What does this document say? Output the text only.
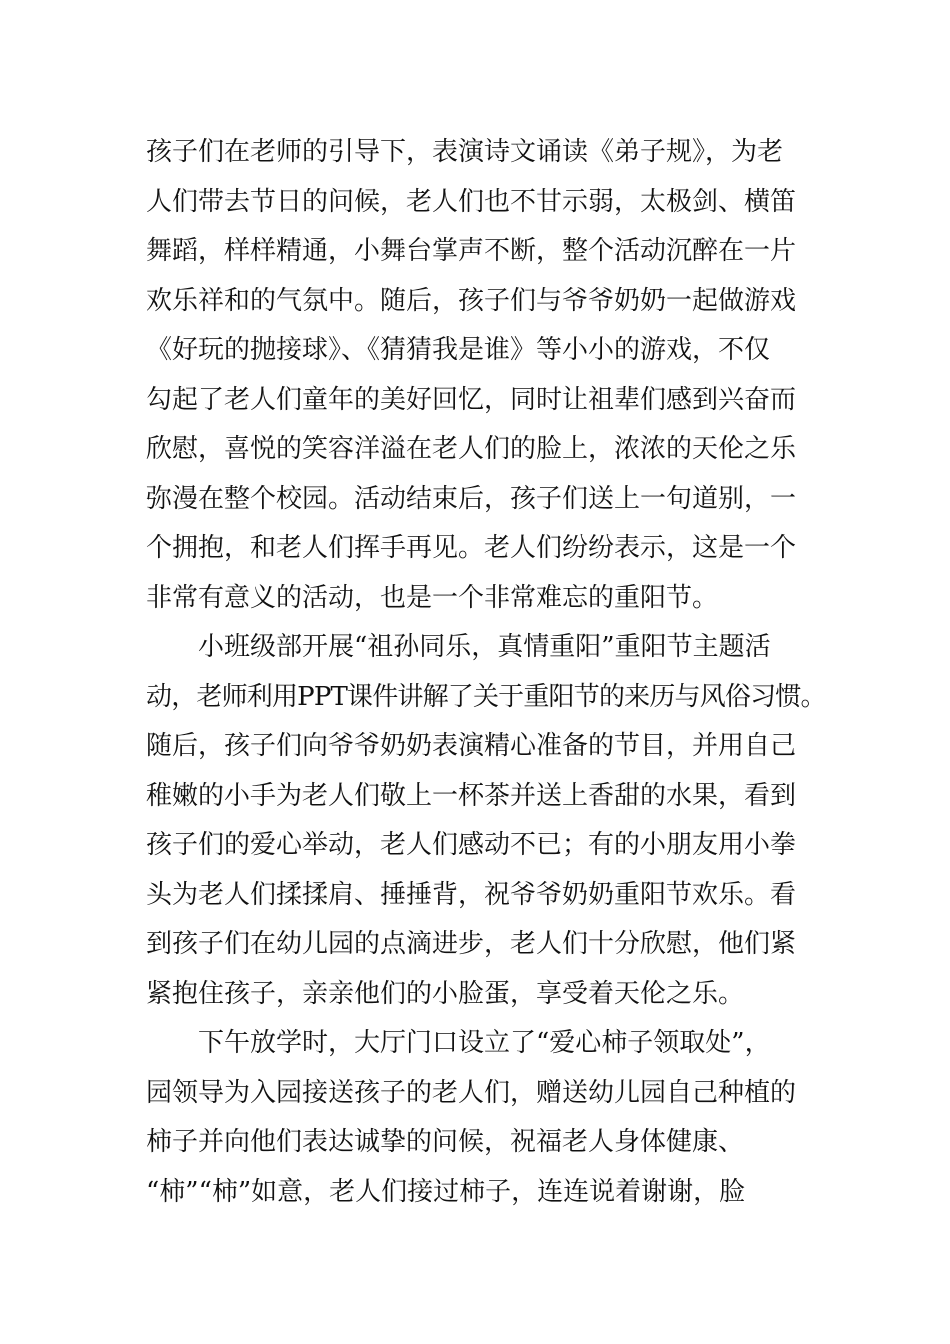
孩子们在老师的引导下，表演诗文诵读《弟子规》，为老
人们带去节日的问候，老人们也不甘示弱，太极剑、横笛
舞蹈，样样精通，小舞台掌声不断，整个活动沉醉在一片
欢乐祥和的气氛中。随后，孩子们与爷爷奶奶一起做游戏
《好玩的抛接球》、《猜猜我是谁》等小小的游戏，不仅
勾起了老人们童年的美好回忆，同时让祖辈们感到兴奋而
欣慰，喜悦的笑容洋溢在老人们的脸上，浓浓的天伦之乐
弥漫在整个校园。活动结束后，孩子们送上一句道别，一
个拥抱，和老人们挥手再见。老人们纷纷表示，这是一个
非常有意义的活动，也是一个非常难忘的重阳节。
小班级部开展“祖孙同乐，真情重阳”重阳节主题活
动，老师利用PPT课件讲解了关于重阳节的来历与风俗习惯。
随后，孩子们向爷爷奶奶表演精心准备的节目，并用自己
稚嫩的小手为老人们敬上一杯茶并送上香甜的水果，看到
孩子们的爱心举动，老人们感动不已；有的小朋友用小拳
头为老人们揉揉肩、捶捶背，祝爷爷奶奶重阳节欢乐。看
到孩子们在幼儿园的点滴进步，老人们十分欣慰，他们紧
紧抱住孩子，亲亲他们的小脸蛋，享受着天伦之乐。
下午放学时，大厅门口设立了“爱心柿子领取处”，
园领导为入园接送孩子的老人们，赠送幼儿园自己种植的
柿子并向他们表达诚挚的问候，祝福老人身体健康、
“柿”“柿”如意，老人们接过柿子，连连说着谢谢，脸
